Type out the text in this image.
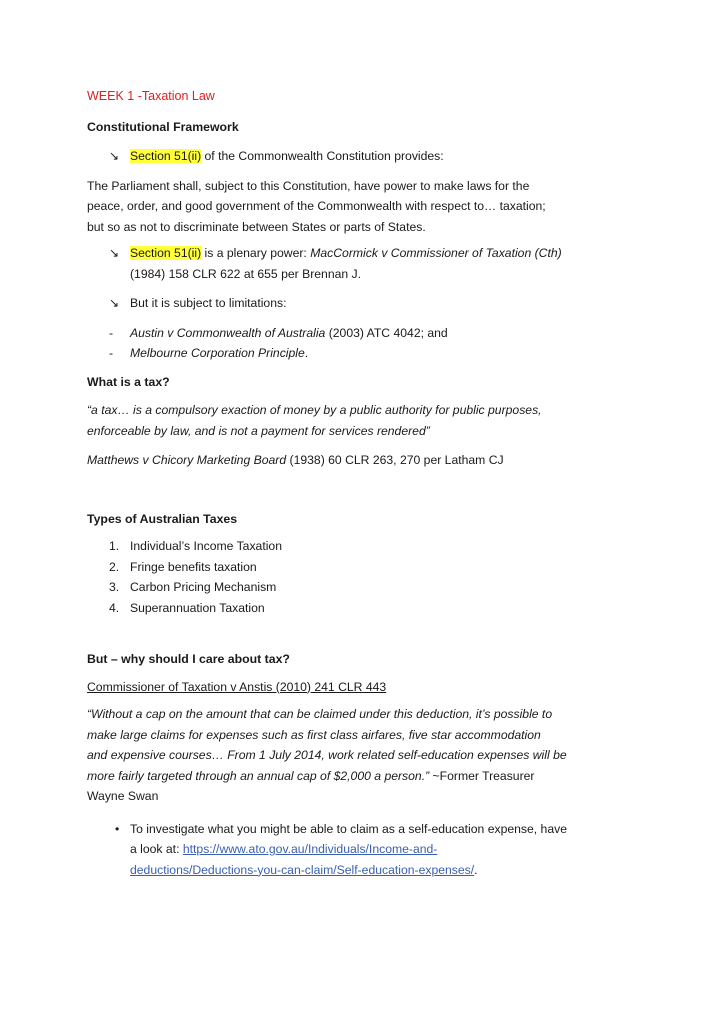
WEEK 1 -Taxation Law
Constitutional Framework
↘ Section 51(ii) of the Commonwealth Constitution provides:
The Parliament shall, subject to this Constitution, have power to make laws for the
peace, order, and good government of the Commonwealth with respect to… taxation;
but so as not to discriminate between States or parts of States.
↘ Section 51(ii) is a plenary power: MacCormick v Commissioner of Taxation (Cth)
(1984) 158 CLR 622 at 655 per Brennan J.
↘ But it is subject to limitations:
- Austin v Commonwealth of Australia (2003) ATC 4042; and
- Melbourne Corporation Principle.
What is a tax?
“a tax… is a compulsory exaction of money by a public authority for public purposes,
enforceable by law, and is not a payment for services rendered”
Matthews v Chicory Marketing Board (1938) 60 CLR 263, 270 per Latham CJ
Types of Australian Taxes
1. Individual’s Income Taxation
2. Fringe benefits taxation
3. Carbon Pricing Mechanism
4. Superannuation Taxation
But – why should I care about tax?
Commissioner of Taxation v Anstis (2010) 241 CLR 443
“Without a cap on the amount that can be claimed under this deduction, it’s possible to
make large claims for expenses such as first class airfares, five star accommodation
and expensive courses… From 1 July 2014, work related self-education expenses will be
more fairly targeted through an annual cap of $2,000 a person.” ~Former Treasurer
Wayne Swan
• To investigate what you might be able to claim as a self-education expense, have
a look at: https://www.ato.gov.au/Individuals/Income-and-
deductions/Deductions-you-can-claim/Self-education-expenses/.
